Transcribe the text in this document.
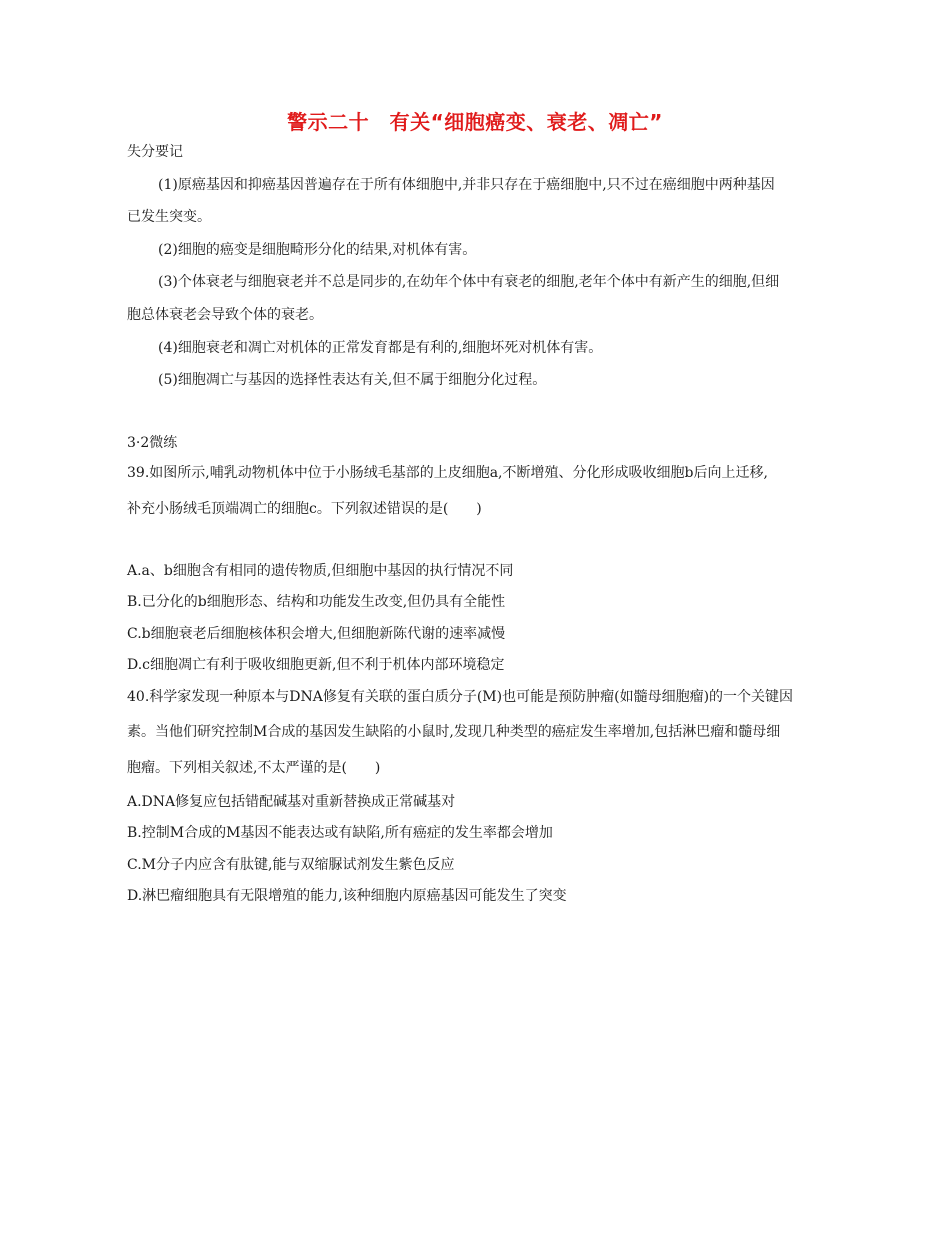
警示二十　有关“细胞癌变、衰老、凋亡”
失分要记
(1)原癌基因和抑癌基因普遍存在于所有体细胞中,并非只存在于癌细胞中,只不过在癌细胞中两种基因
已发生突变。
(2)细胞的癌变是细胞畸形分化的结果,对机体有害。
(3)个体衰老与细胞衰老并不总是同步的,在幼年个体中有衰老的细胞,老年个体中有新产生的细胞,但细
胞总体衰老会导致个体的衰老。
(4)细胞衰老和凋亡对机体的正常发育都是有利的,细胞坏死对机体有害。
(5)细胞凋亡与基因的选择性表达有关,但不属于细胞分化过程。
3·2微练
39.如图所示,哺乳动物机体中位于小肠绒毛基部的上皮细胞a,不断增殖、分化形成吸收细胞b后向上迁移,
补充小肠绒毛顶端凋亡的细胞c。下列叙述错误的是(　　)
A.a、b细胞含有相同的遗传物质,但细胞中基因的执行情况不同
B.已分化的b细胞形态、结构和功能发生改变,但仍具有全能性
C.b细胞衰老后细胞核体积会增大,但细胞新陈代谢的速率减慢
D.c细胞凋亡有利于吸收细胞更新,但不利于机体内部环境稳定
40.科学家发现一种原本与DNA修复有关联的蛋白质分子(M)也可能是预防肿瘤(如髓母细胞瘤)的一个关键因
素。当他们研究控制M合成的基因发生缺陷的小鼠时,发现几种类型的癌症发生率增加,包括淋巴瘤和髓母细
胞瘤。下列相关叙述,不太严谨的是(　　)
A.DNA修复应包括错配碱基对重新替换成正常碱基对
B.控制M合成的M基因不能表达或有缺陷,所有癌症的发生率都会增加
C.M分子内应含有肽键,能与双缩脲试剂发生紫色反应
D.淋巴瘤细胞具有无限增殖的能力,该种细胞内原癌基因可能发生了突变
